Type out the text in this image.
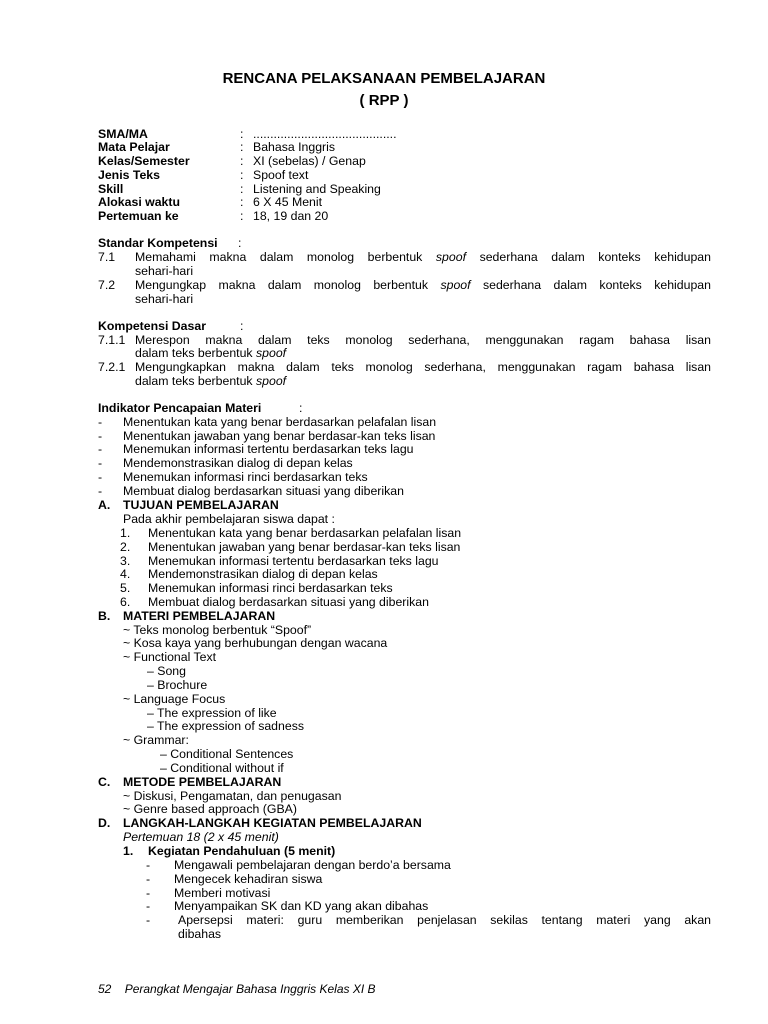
RENCANA PELAKSANAAN PEMBELAJARAN
( RPP )
SMA/MA	: ..........................................
Mata Pelajar	: Bahasa Inggris
Kelas/Semester	: XI (sebelas) / Genap
Jenis Teks	: Spoof text
Skill	: Listening and Speaking
Alokasi waktu	: 6 X 45 Menit
Pertemuan ke	: 18, 19 dan 20
Standar Kompetensi :
7.1 Memahami makna dalam monolog berbentuk spoof sederhana dalam konteks kehidupan
sehari-hari
7.2 Mengungkap makna dalam monolog berbentuk spoof sederhana dalam konteks kehidupan
sehari-hari
Kompetensi Dasar	:
7.1.1 Merespon makna dalam teks monolog sederhana, menggunakan ragam bahasa lisan
dalam teks berbentuk spoof
7.2.1 Mengungkapkan makna dalam teks monolog sederhana, menggunakan ragam bahasa lisan
dalam teks berbentuk spoof
Indikator Pencapaian Materi	:
- Menentukan kata yang benar berdasarkan pelafalan lisan
- Menentukan jawaban yang benar berdasar-kan teks lisan
- Menemukan informasi tertentu berdasarkan teks lagu
- Mendemonstrasikan dialog di depan kelas
- Menemukan informasi rinci berdasarkan teks
- Membuat dialog berdasarkan situasi yang diberikan
A. TUJUAN PEMBELAJARAN
Pada akhir pembelajaran siswa dapat :
1. Menentukan kata yang benar berdasarkan pelafalan lisan
2. Menentukan jawaban yang benar berdasar-kan teks lisan
3. Menemukan informasi tertentu berdasarkan teks lagu
4. Mendemonstrasikan dialog di depan kelas
5. Menemukan informasi rinci berdasarkan teks
6. Membuat dialog berdasarkan situasi yang diberikan
B. MATERI PEMBELAJARAN
~ Teks monolog berbentuk “Spoof”
~ Kosa kaya yang berhubungan dengan wacana
~ Functional Text
– Song
– Brochure
~ Language Focus
– The expression of like
– The expression of sadness
~ Grammar:
– Conditional Sentences
– Conditional without if
C. METODE PEMBELAJARAN
~ Diskusi, Pengamatan, dan penugasan
~ Genre based approach (GBA)
D. LANGKAH-LANGKAH KEGIATAN PEMBELAJARAN
Pertemuan 18 (2 x 45 menit)
1. Kegiatan Pendahuluan (5 menit)
- Mengawali pembelajaran dengan berdo’a bersama
- Mengecek kehadiran siswa
- Memberi motivasi
- Menyampaikan SK dan KD yang akan dibahas
- Apersepsi materi: guru memberikan penjelasan sekilas tentang materi yang akan
dibahas
52 Perangkat Mengajar Bahasa Inggris Kelas XI B
